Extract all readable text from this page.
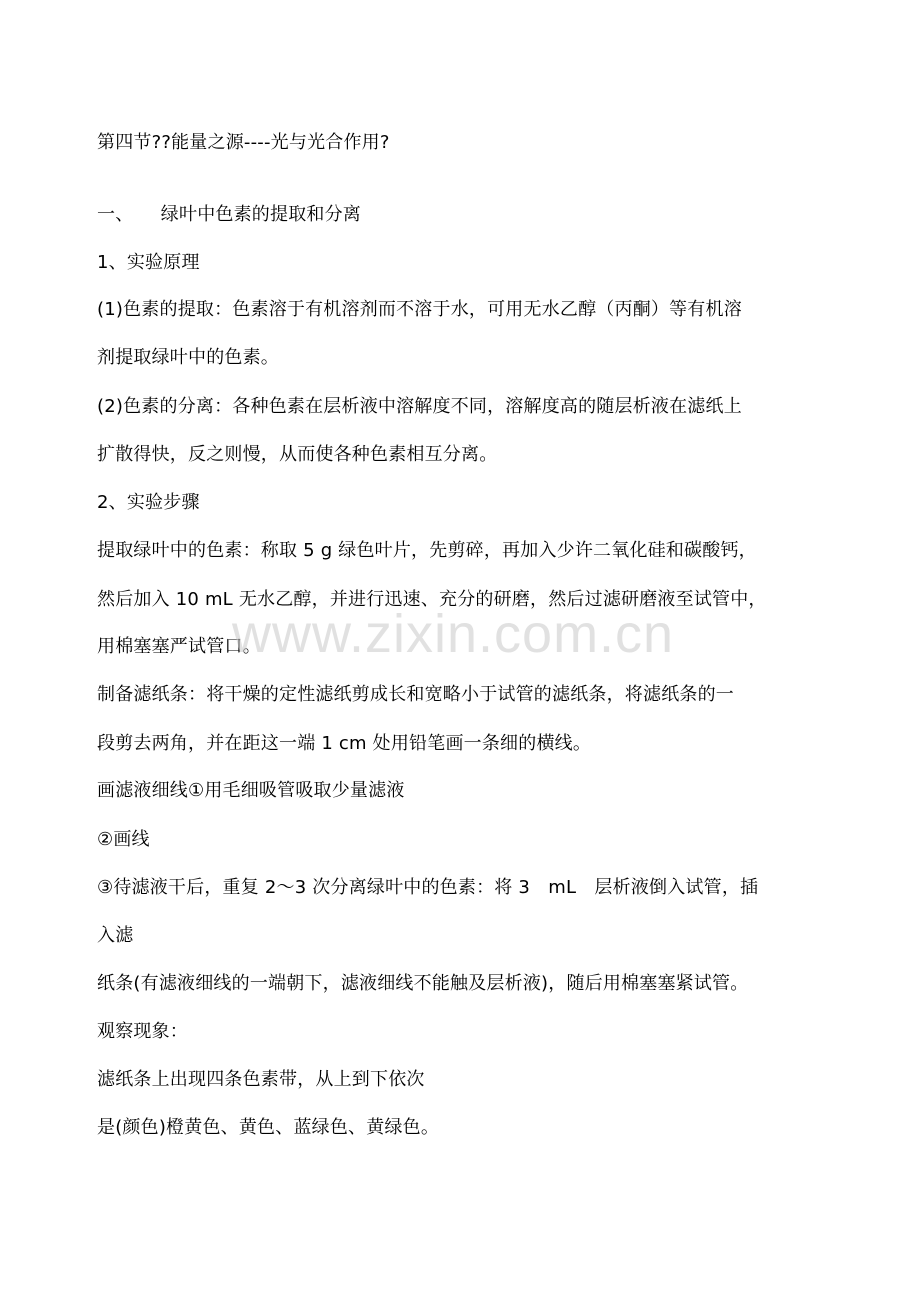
第四节??能量之源----光与光合作用?
一、　　绿叶中色素的提取和分离
1、实验原理
(1)色素的提取：色素溶于有机溶剂而不溶于水，可用无水乙醇（丙酮）等有机溶
剂提取绿叶中的色素。
(2)色素的分离：各种色素在层析液中溶解度不同，溶解度高的随层析液在滤纸上
扩散得快，反之则慢，从而使各种色素相互分离。
2、实验步骤
提取绿叶中的色素：称取 5 g 绿色叶片，先剪碎，再加入少许二氧化硅和碳酸钙，
然后加入 10 mL 无水乙醇，并进行迅速、充分的研磨，然后过滤研磨液至试管中，
用棉塞塞严试管口。
制备滤纸条：将干燥的定性滤纸剪成长和宽略小于试管的滤纸条，将滤纸条的一
段剪去两角，并在距这一端 1 cm 处用铅笔画一条细的横线。
画滤液细线①用毛细吸管吸取少量滤液
②画线
③待滤液干后，重复 2～3 次分离绿叶中的色素：将 3　mL　层析液倒入试管，插
入滤
纸条(有滤液细线的一端朝下，滤液细线不能触及层析液)，随后用棉塞塞紧试管。
观察现象：
滤纸条上出现四条色素带，从上到下依次
是(颜色)橙黄色、黄色、蓝绿色、黄绿色。
www.zixin.com.cn
